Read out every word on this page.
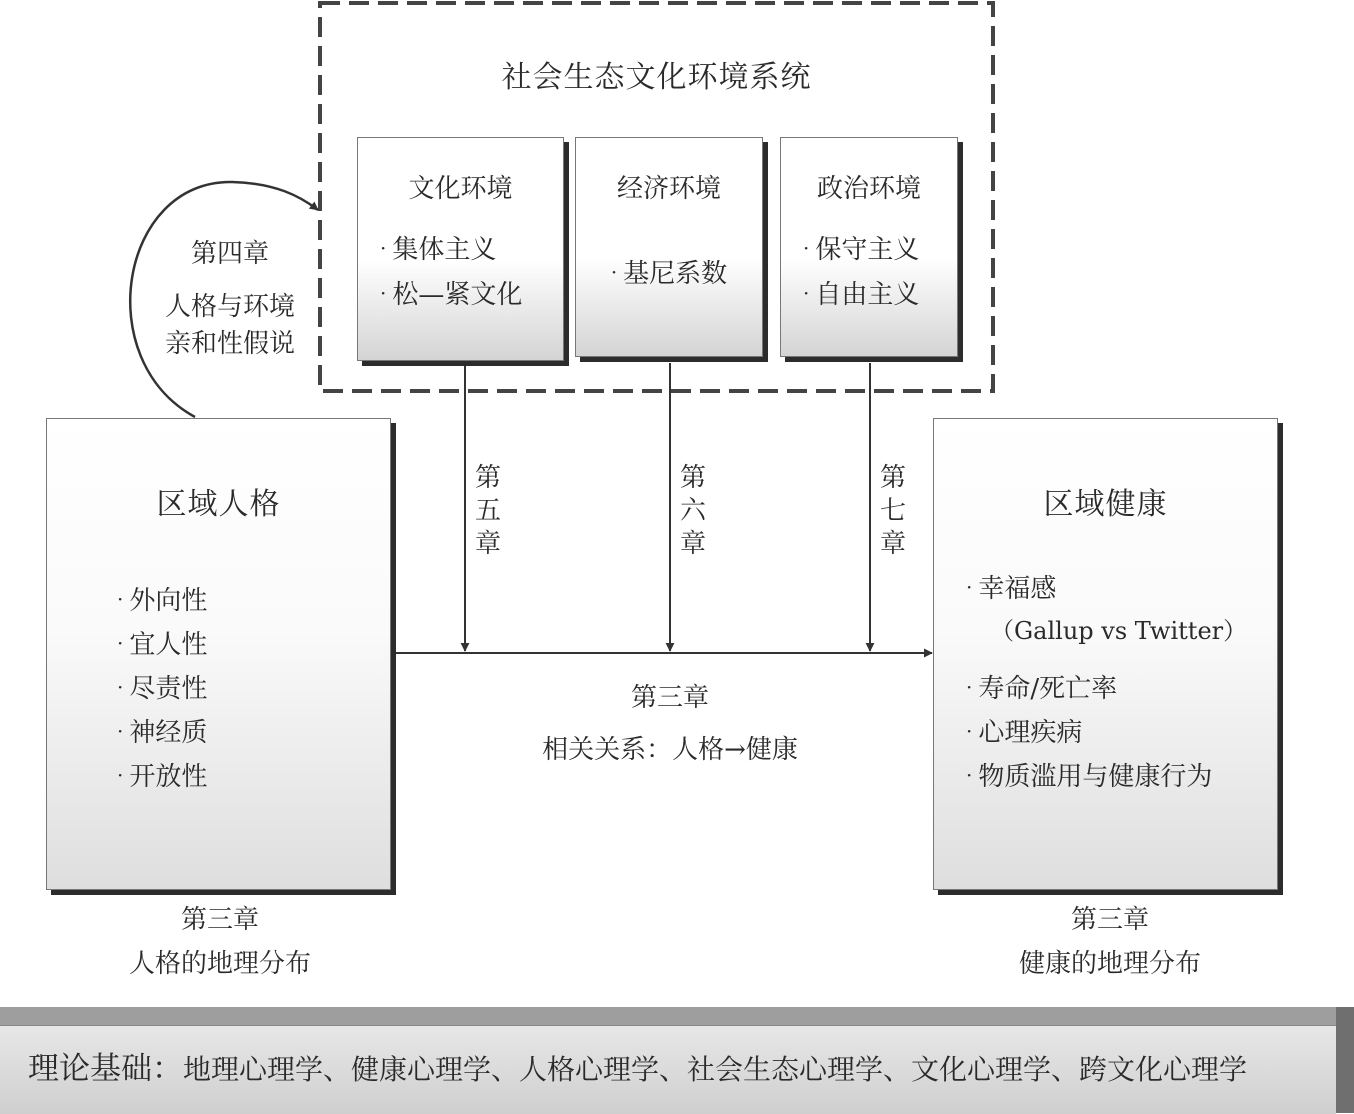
社会生态文化环境系统
文化环境
· 集体主义
· 松—紧文化
经济环境
· 基尼系数
政治环境
· 保守主义
· 自由主义
第四章
人格与环境
亲和性假说
区域人格
· 外向性
· 宜人性
· 尽责性
· 神经质
· 开放性
区域健康
· 幸福感
（Gallup vs Twitter）
· 寿命/死亡率
· 心理疾病
· 物质滥用与健康行为
第
五
章
第
六
章
第
七
章
第三章
相关关系：人格→健康
第三章
人格的地理分布
第三章
健康的地理分布
理论基础：地理心理学、健康心理学、人格心理学、社会生态心理学、文化心理学、跨文化心理学
